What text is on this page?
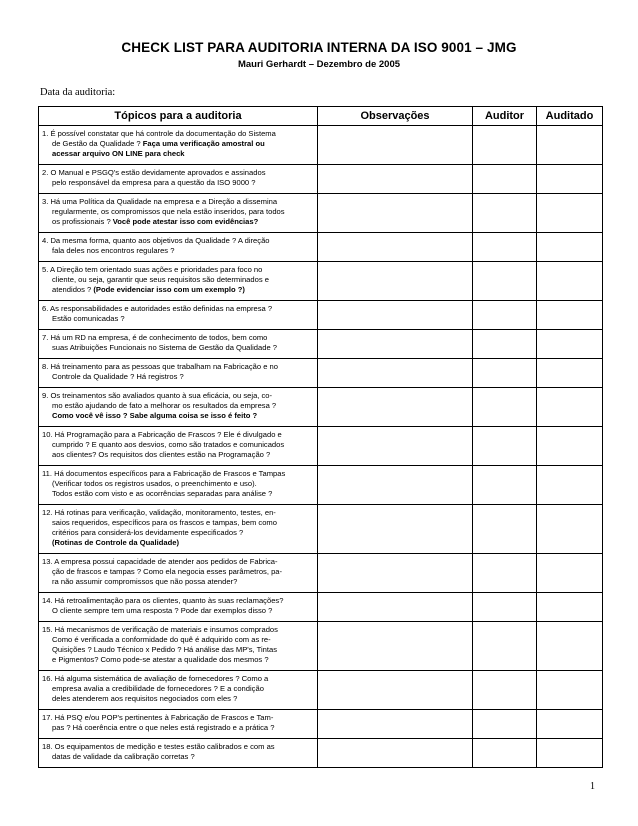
CHECK LIST PARA AUDITORIA INTERNA DA ISO 9001 – JMG
Mauri Gerhardt – Dezembro de 2005
Data da auditoria:
Tópicos para a auditoria	Observações	Auditor	Auditado

1. É possível constatar que há controle da documentação do Sistema
de Gestão da Qualidade ? Faça uma verificação amostral ou
acessar arquivo ON LINE para check			

2. O Manual e PSGQ's estão devidamente aprovados e assinados
pelo responsável da empresa para a questão da ISO 9000 ?			

3. Há uma Política da Qualidade na empresa e a Direção a dissemina
regularmente, os compromissos que nela estão inseridos, para todos
os profissionais ? Você pode atestar isso com evidências?			

4. Da mesma forma, quanto aos objetivos da Qualidade ? A direção
fala deles nos encontros regulares ?			

5. A Direção tem orientado suas ações e prioridades para foco no
cliente, ou seja, garantir que seus requisitos são determinados e
atendidos ? (Pode evidenciar isso com um exemplo ?)			

6. As responsabilidades e autoridades estão definidas na empresa ?
Estão comunicadas ?			

7. Há um RD na empresa, é de conhecimento de todos, bem como
suas Atribuições Funcionais no Sistema de Gestão da Qualidade ?			

8. Há treinamento para as pessoas que trabalham na Fabricação e no
Controle da Qualidade ? Há registros ?			

9. Os treinamentos são avaliados quanto à sua eficácia, ou seja, co-
mo estão ajudando de fato a melhorar os resultados da empresa ?
Como você vê isso ? Sabe alguma coisa se isso é feito ?			

10. Há Programação para a Fabricação de Frascos ? Ele é divulgado e
cumprido ? E quanto aos desvios, como são tratados e comunicados
aos clientes? Os requisitos dos clientes estão na Programação ?			

11. Há documentos específicos para a Fabricação de Frascos e Tampas
(Verificar todos os registros usados, o preenchimento e uso).
Todos estão com visto e as ocorrências separadas para análise ?			

12. Há rotinas para verificação, validação, monitoramento, testes, en-
saios requeridos, específicos para os frascos e tampas, bem como
critérios para considerá-los devidamente especificados ?
(Rotinas de Controle da Qualidade)			

13. A empresa possui capacidade de atender aos pedidos de Fabrica-
ção de frascos e tampas ? Como ela negocia esses parâmetros, pa-
ra não assumir compromissos que não possa atender?			

14. Há retroalimentação para os clientes, quanto às suas reclamações?
O cliente sempre tem uma resposta ? Pode dar exemplos disso ?			

15. Há mecanismos de verificação de materiais e insumos comprados
Como é verificada a conformidade do quê é adquirido com as re-
Quisições ? Laudo Técnico x Pedido ? Há análise das MP's, Tintas
e Pigmentos? Como pode-se atestar a qualidade dos mesmos ?			

16. Há alguma sistemática de avaliação de fornecedores ? Como a
empresa avalia a credibilidade de fornecedores ? E a condição
deles atenderem aos requisitos negociados com eles ?			

17. Há PSQ e/ou POP's pertinentes à Fabricação de Frascos e Tam-
pas ? Há coerência entre o que neles está registrado e a prática ?			

18. Os equipamentos de medição e testes estão calibrados e com as
datas de validade da calibração corretas ?			

1
